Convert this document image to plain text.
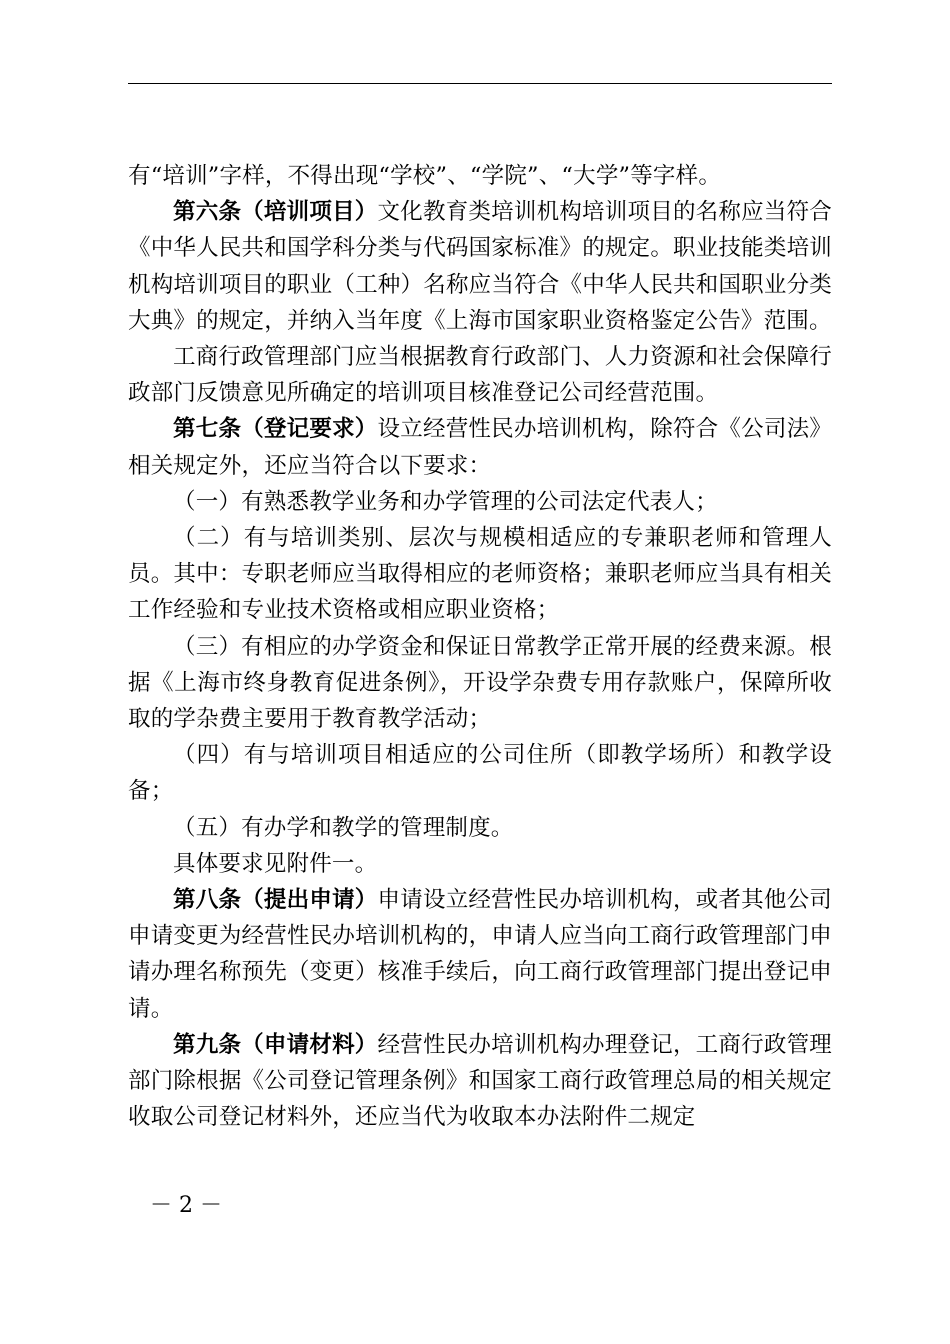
有“培训”字样，不得出现“学校”、“学院”、“大学”等字样。

第六条（培训项目）文化教育类培训机构培训项目的名称应当符合《中华人民共和国学科分类与代码国家标准》的规定。职业技能类培训机构培训项目的职业（工种）名称应当符合《中华人民共和国职业分类大典》的规定，并纳入当年度《上海市国家职业资格鉴定公告》范围。

工商行政管理部门应当根据教育行政部门、人力资源和社会保障行政部门反馈意见所确定的培训项目核准登记公司经营范围。

第七条（登记要求）设立经营性民办培训机构，除符合《公司法》相关规定外，还应当符合以下要求：

（一）有熟悉教学业务和办学管理的公司法定代表人；

（二）有与培训类别、层次与规模相适应的专兼职老师和管理人员。其中：专职老师应当取得相应的老师资格；兼职老师应当具有相关工作经验和专业技术资格或相应职业资格；

（三）有相应的办学资金和保证日常教学正常开展的经费来源。根据《上海市终身教育促进条例》，开设学杂费专用存款账户，保障所收取的学杂费主要用于教育教学活动；

（四）有与培训项目相适应的公司住所（即教学场所）和教学设备；

（五）有办学和教学的管理制度。

具体要求见附件一。

第八条（提出申请）申请设立经营性民办培训机构，或者其他公司申请变更为经营性民办培训机构的，申请人应当向工商行政管理部门申请办理名称预先（变更）核准手续后，向工商行政管理部门提出登记申请。

第九条（申请材料）经营性民办培训机构办理登记，工商行政管理部门除根据《公司登记管理条例》和国家工商行政管理总局的相关规定收取公司登记材料外，还应当代为收取本办法附件二规定

－ 2 －
